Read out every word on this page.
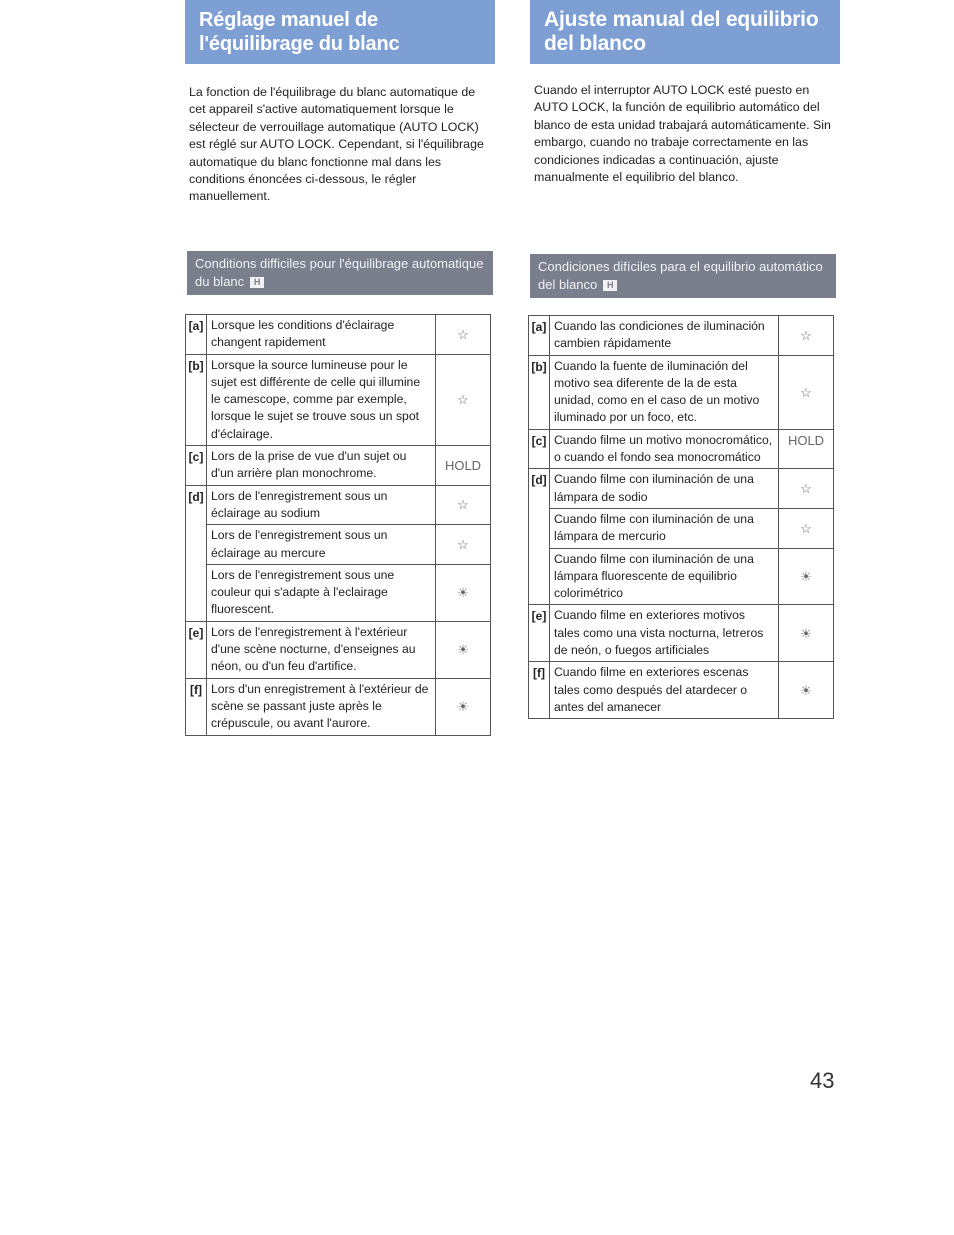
Réglage manuel de l'équilibrage du blanc

La fonction de l'équilibrage du blanc automatique de cet appareil s'active automatiquement lorsque le sélecteur de verrouillage automatique (AUTO LOCK) est réglé sur AUTO LOCK. Cependant, si l'équilibrage automatique du blanc fonctionne mal dans les conditions énoncées ci-dessous, le régler manuellement.

Conditions difficiles pour l'équilibrage automatique du blanc H
[a]	Lorsque les conditions d'éclairage changent rapidement	☆
[b]	Lorsque la source lumineuse pour le sujet est différente de celle qui illumine le camescope, comme par exemple, lorsque le sujet se trouve sous un spot d'éclairage.	☆
[c]	Lors de la prise de vue d'un sujet ou d'un arrière plan monochrome.	HOLD
[d]	Lors de l'enregistrement sous un éclairage au sodium	☆
	Lors de l'enregistrement sous un éclairage au mercure	☆
	Lors de l'enregistrement sous une couleur qui s'adapte à l'eclairage fluorescent.	☀
[e]	Lors de l'enregistrement à l'extérieur d'une scène nocturne, d'enseignes au néon, ou d'un feu d'artifice.	☀
[f]	Lors d'un enregistrement à l'extérieur de scène se passant juste après le crépuscule, ou avant l'aurore.	☀
Ajuste manual del equilibrio del blanco

Cuando el interruptor AUTO LOCK esté puesto en AUTO LOCK, la función de equilibrio automático del blanco de esta unidad trabajará automáticamente. Sin embargo, cuando no trabaje correctamente en las condiciones indicadas a continuación, ajuste manualmente el equilibrio del blanco.

Condiciones difíciles para el equilibrio automático del blanco H
[a]	Cuando las condiciones de iluminación cambien rápidamente	☆
[b]	Cuando la fuente de iluminación del motivo sea diferente de la de esta unidad, como en el caso de un motivo iluminado por un foco, etc.	☆
[c]	Cuando filme un motivo monocromático, o cuando el fondo sea monocromático	HOLD
[d]	Cuando filme con iluminación de una lámpara de sodio	☆
	Cuando filme con iluminación de una lámpara de mercurio	☆
	Cuando filme con iluminación de una lámpara fluorescente de equilibrio colorimétrico	☀
[e]	Cuando filme en exteriores motivos tales como una vista nocturna, letreros de neón, o fuegos artificiales	☀
[f]	Cuando filme en exteriores escenas tales como después del atardecer o antes del amanecer	☀
43
